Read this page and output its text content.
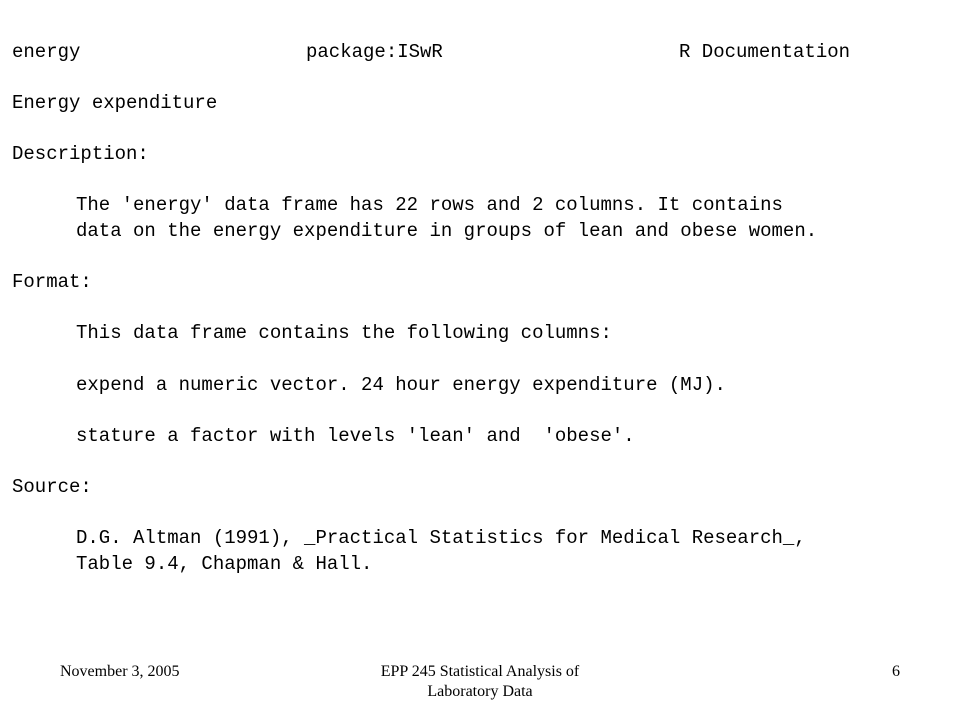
energy	package:ISwR	R Documentation
Energy expenditure
Description:
The 'energy' data frame has 22 rows and 2 columns. It contains
data on the energy expenditure in groups of lean and obese women.
Format:
This data frame contains the following columns:
expend a numeric vector. 24 hour energy expenditure (MJ).
stature a factor with levels 'lean' and  'obese'.
Source:
D.G. Altman (1991), _Practical Statistics for Medical Research_,
Table 9.4, Chapman & Hall.
November 3, 2005	EPP 245 Statistical Analysis of
Laboratory Data
6
